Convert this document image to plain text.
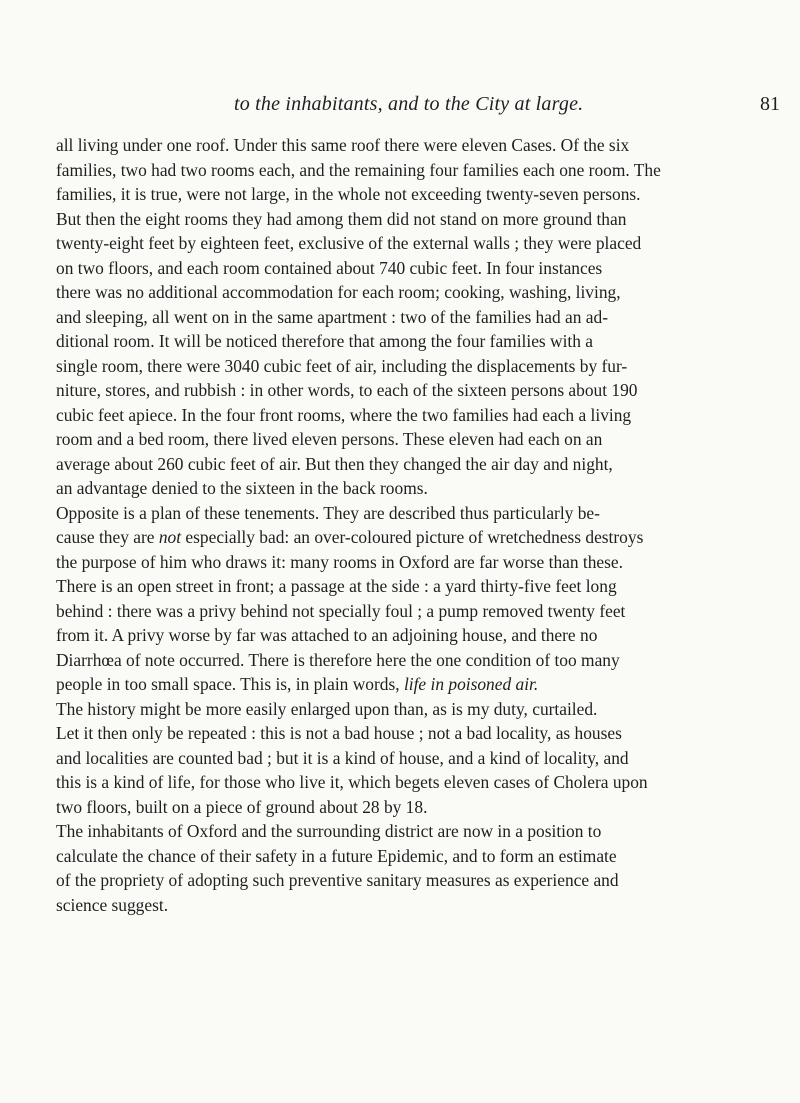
to the inhabitants, and to the City at large.	81
all living under one roof. Under this same roof there were eleven Cases. Of the six
families, two had two rooms each, and the remaining four families each one room. The
families, it is true, were not large, in the whole not exceeding twenty-seven persons.
But then the eight rooms they had among them did not stand on more ground than
twenty-eight feet by eighteen feet, exclusive of the external walls ; they were placed
on two floors, and each room contained about 740 cubic feet. In four instances
there was no additional accommodation for each room; cooking, washing, living,
and sleeping, all went on in the same apartment : two of the families had an ad-
ditional room. It will be noticed therefore that among the four families with a
single room, there were 3040 cubic feet of air, including the displacements by fur-
niture, stores, and rubbish : in other words, to each of the sixteen persons about 190
cubic feet apiece. In the four front rooms, where the two families had each a living
room and a bed room, there lived eleven persons. These eleven had each on an
average about 260 cubic feet of air. But then they changed the air day and night,
an advantage denied to the sixteen in the back rooms.
Opposite is a plan of these tenements. They are described thus particularly be-
cause they are not especially bad: an over-coloured picture of wretchedness destroys
the purpose of him who draws it: many rooms in Oxford are far worse than these.
There is an open street in front; a passage at the side : a yard thirty-five feet long
behind : there was a privy behind not specially foul ; a pump removed twenty feet
from it. A privy worse by far was attached to an adjoining house, and there no
Diarrhœa of note occurred. There is therefore here the one condition of too many
people in too small space. This is, in plain words, life in poisoned air.
The history might be more easily enlarged upon than, as is my duty, curtailed.
Let it then only be repeated : this is not a bad house ; not a bad locality, as houses
and localities are counted bad ; but it is a kind of house, and a kind of locality, and
this is a kind of life, for those who live it, which begets eleven cases of Cholera upon
two floors, built on a piece of ground about 28 by 18.
The inhabitants of Oxford and the surrounding district are now in a position to
calculate the chance of their safety in a future Epidemic, and to form an estimate
of the propriety of adopting such preventive sanitary measures as experience and
science suggest.
